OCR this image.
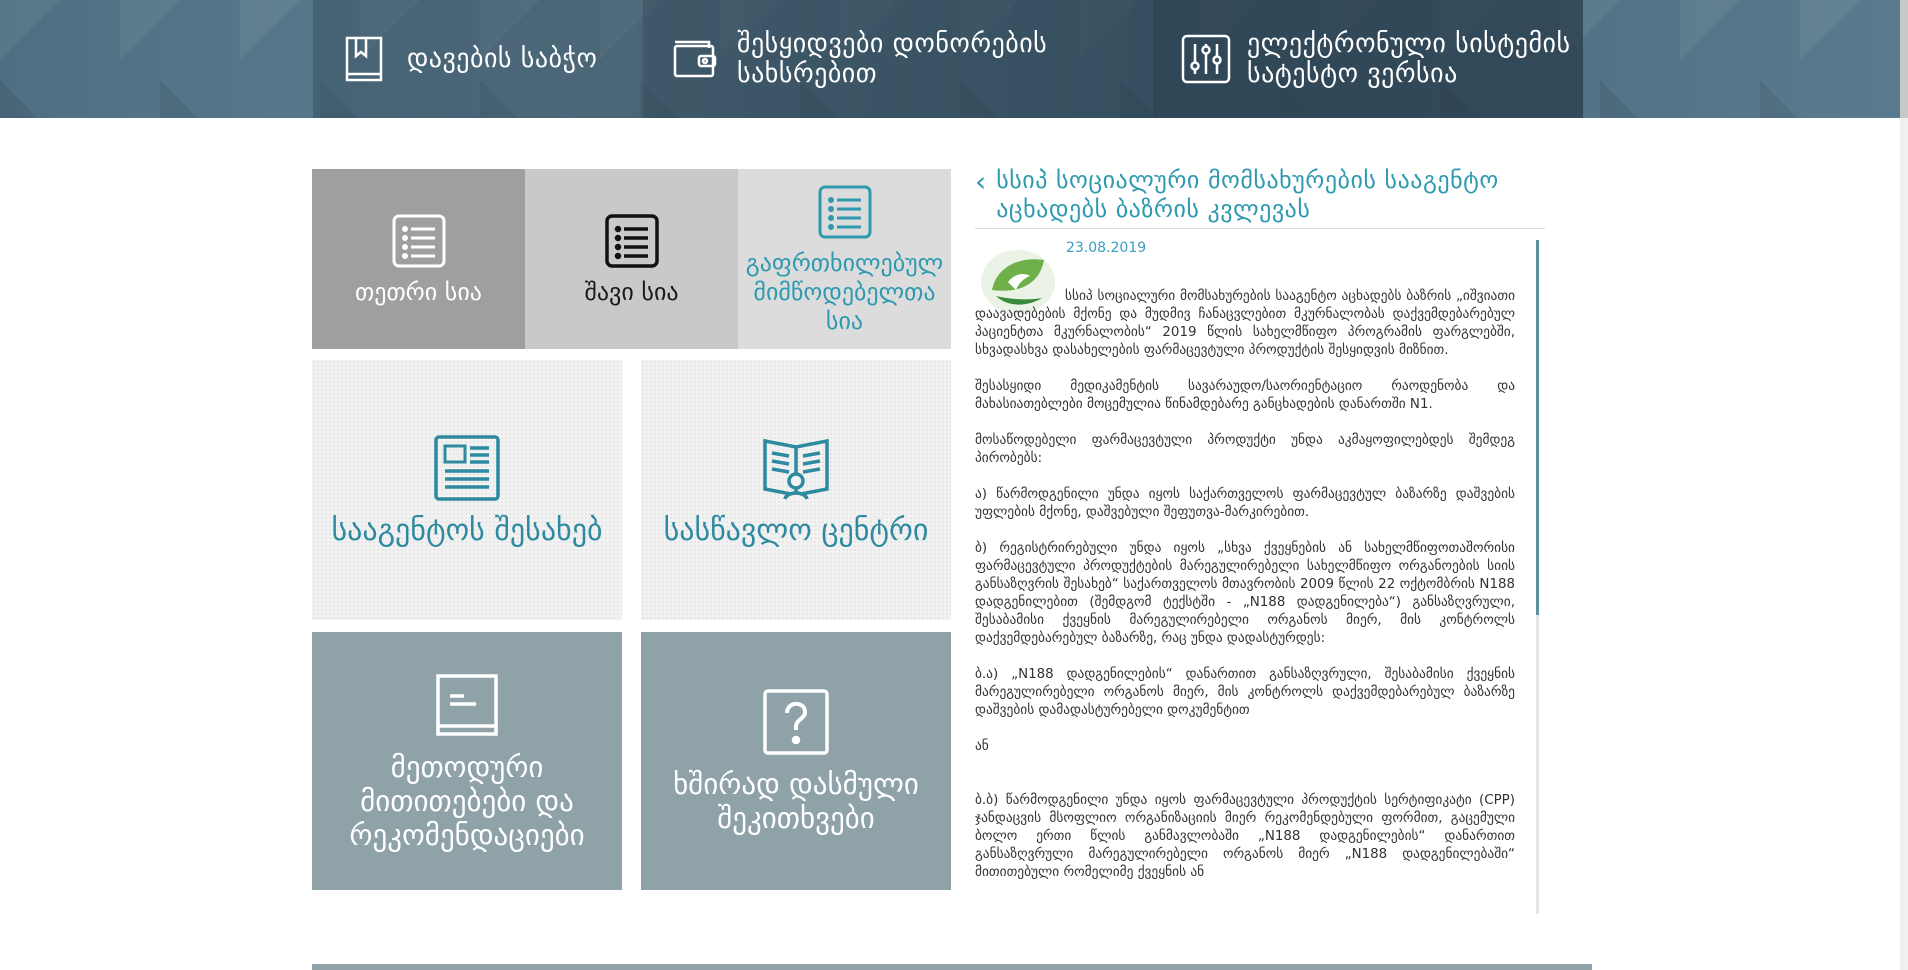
დავების საბჭო	შესყიდვები დონორების სახსრებით
ელექტრონული სისტემის სატესტო ვერსია
თეთრი სია	შავი სია
გაფრთხილებულ მიმწოდებელთა სია
სააგენტოს შესახებ სასწავლო ცენტრი
მეთოდური მითითებები და რეკომენდაციები
ხშირად დასმული შეკითხვები
‹ სსიპ სოციალური მომსახურების სააგენტო აცხადებს ბაზრის კვლევას
23.08.2019

სსიპ სოციალური მომსახურების სააგენტო აცხადებს ბაზრის „იშვიათი დაავადებების მქონე და მუდმივ ჩანაცვლებით მკურნალობას დაქვემდებარებულ პაციენტთა მკურნალობის“ 2019 წლის სახელმწიფო პროგრამის ფარგლებში, სხვადასხვა დასახელების ფარმაცევტული პროდუქტის შესყიდვის მიზნით.

შესასყიდი მედიკამენტის სავარაუდო/საორიენტაციო რაოდენობა და მახასიათებლები მოცემულია წინამდებარე განცხადების დანართში N1.

მოსაწოდებელი ფარმაცევტული პროდუქტი უნდა აკმაყოფილებდეს შემდეგ პირობებს:

ა) წარმოდგენილი უნდა იყოს საქართველოს ფარმაცევტულ ბაზარზე დაშვების უფლების მქონე, დაშვებული შეფუთვა-მარკირებით.

ბ) რეგისტრირებული უნდა იყოს „სხვა ქვეყნების ან სახელმწიფოთაშორისი ფარმაცევტული პროდუქტების მარეგულირებელი სახელმწიფო ორგანოების სიის განსაზღვრის შესახებ“ საქართველოს მთავრობის 2009 წლის 22 ოქტომბრის N188 დადგენილებით (შემდგომ ტექსტში - „N188 დადგენილება“) განსაზღვრული, შესაბამისი ქვეყნის მარეგულირებელი ორგანოს მიერ, მის კონტროლს დაქვემდებარებულ ბაზარზე, რაც უნდა დადასტურდეს:

ბ.ა) „N188 დადგენილების“ დანართით განსაზღვრული, შესაბამისი ქვეყნის მარეგულირებელი ორგანოს მიერ, მის კონტროლს დაქვემდებარებულ ბაზარზე დაშვების დამადასტურებელი დოკუმენტით

ან

ბ.ბ) წარმოდგენილი უნდა იყოს ფარმაცევტული პროდუქტის სერტიფიკატი (CPP) ჯანდაცვის მსოფლიო ორგანიზაციის მიერ რეკომენდებული ფორმით, გაცემული ბოლო ერთი წლის განმავლობაში „N188 დადგენილების“ დანართით განსაზღვრული მარეგულირებელი ორგანოს მიერ „N188 დადგენილებაში“ მითითებული რომელიმე ქვეყნის ან
